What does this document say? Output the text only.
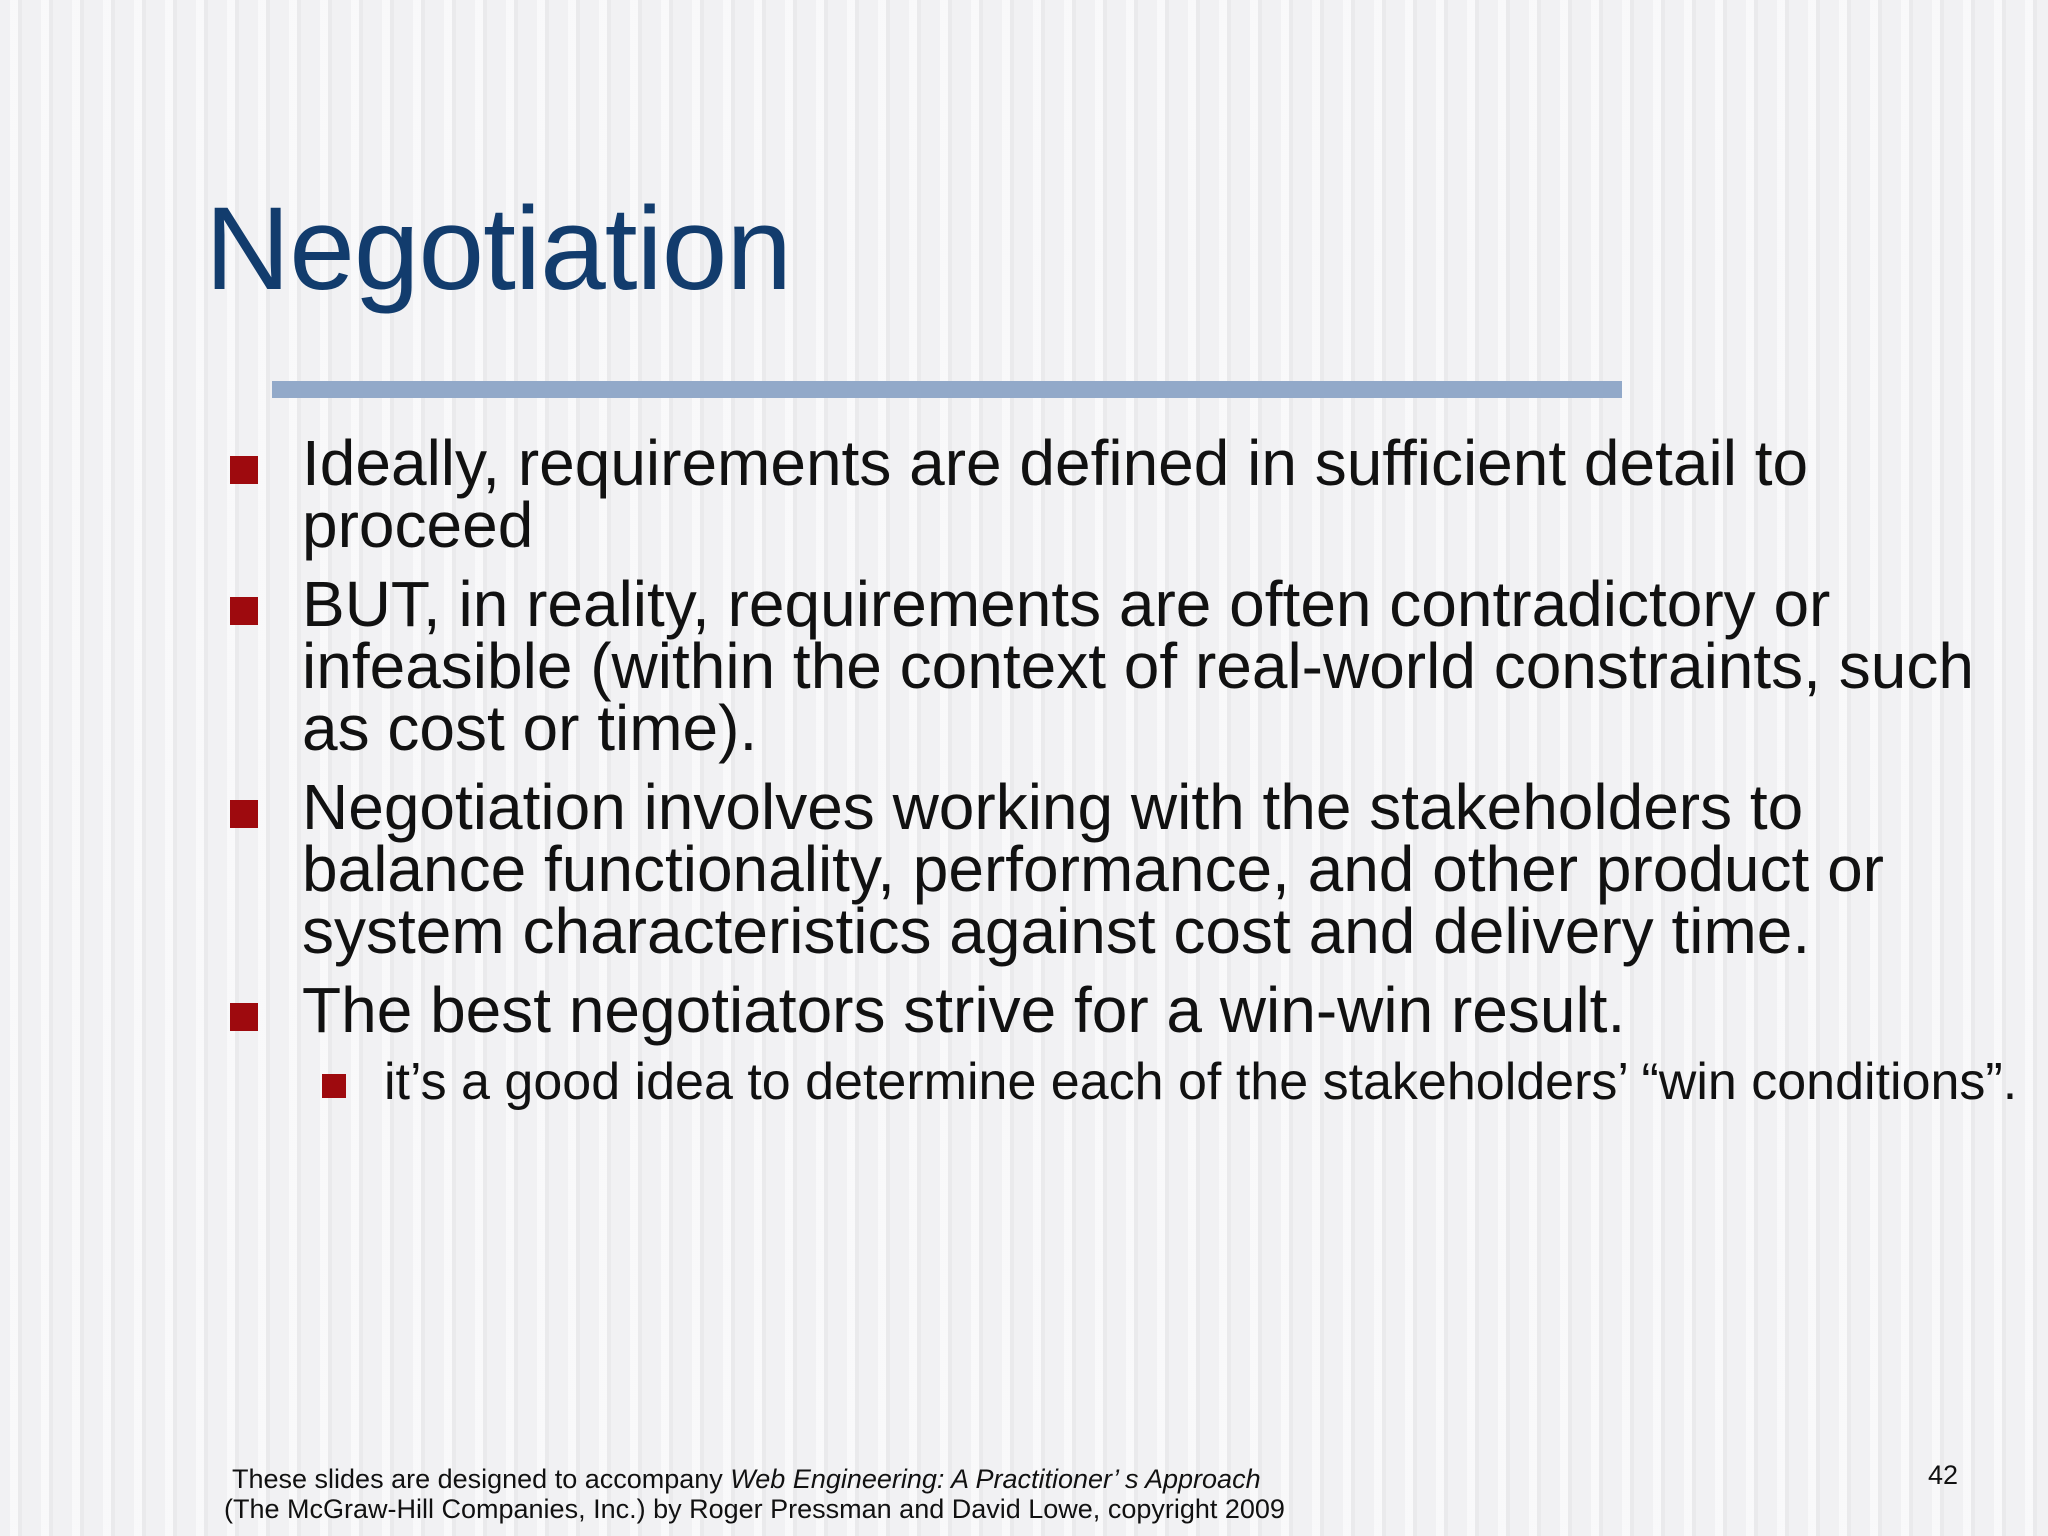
Negotiation
Ideally, requirements are defined in sufficient detail to proceed
BUT, in reality, requirements are often contradictory or infeasible (within the context of real-world constraints, such as cost or time).
Negotiation involves working with the stakeholders to balance functionality, performance, and other product or system characteristics against cost and delivery time.
The best negotiators strive for a win-win result.
it’s a good idea to determine each of the stakeholders’ “win conditions”.
These slides are designed to accompany Web Engineering: A Practitioner’ s Approach
(The McGraw-Hill Companies, Inc.) by Roger Pressman and David Lowe, copyright 2009
42
